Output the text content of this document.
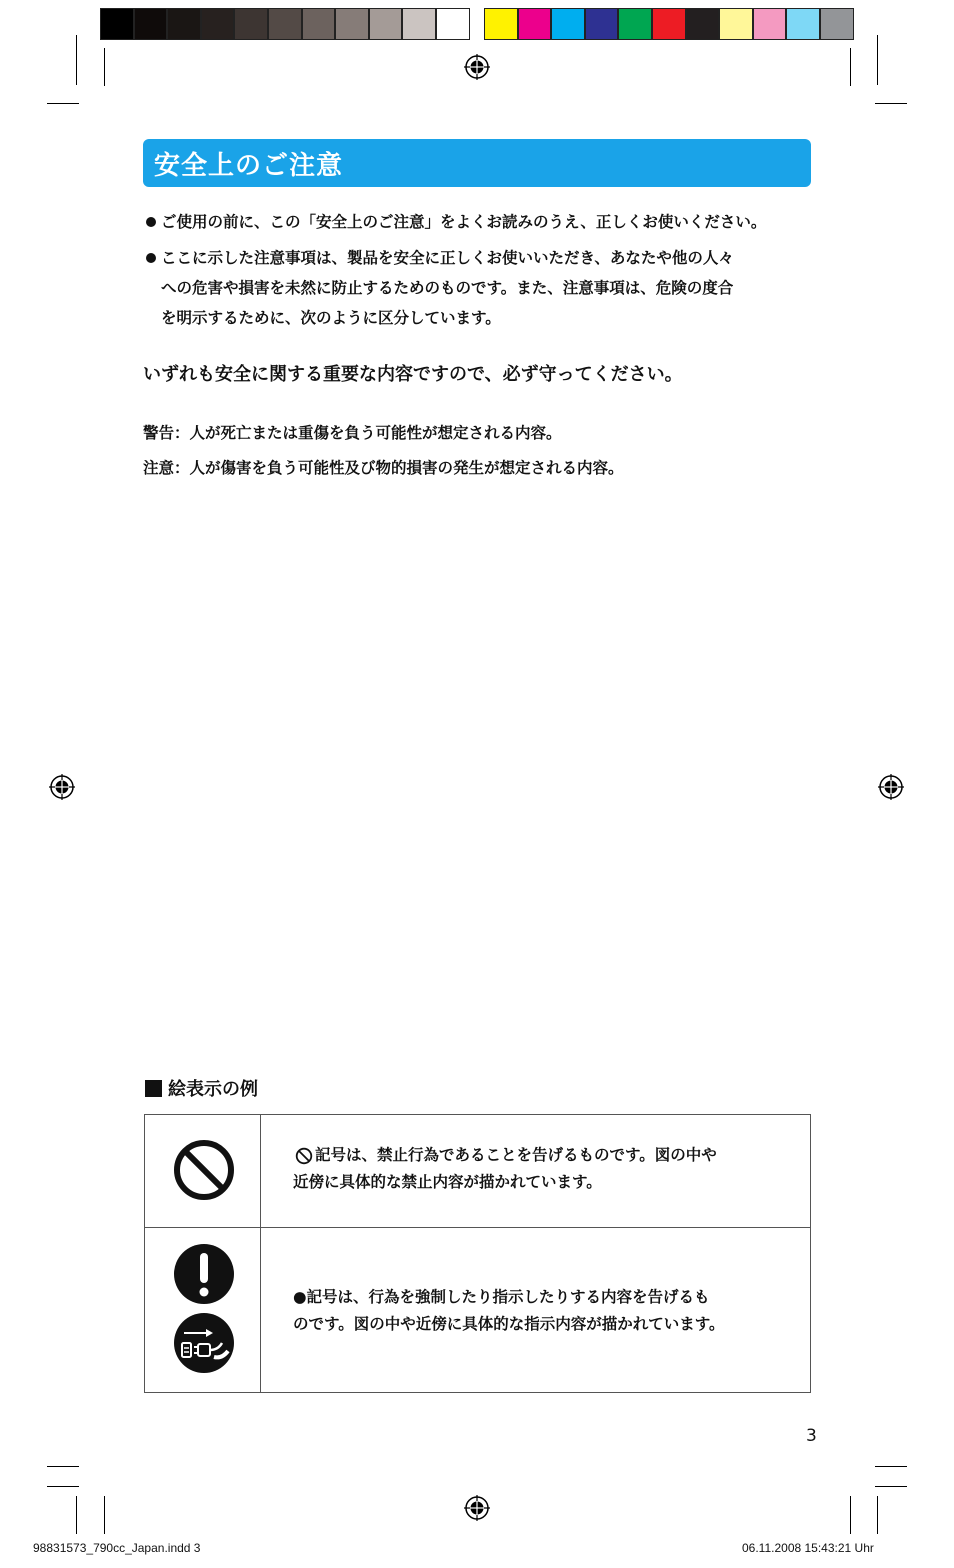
安全上のご注意
ご使用の前に、この「安全上のご注意」をよくお読みのうえ、正しくお使いください。
ここに示した注意事項は、製品を安全に正しくお使いいただき、あなたや他の人々
への危害や損害を未然に防止するためのものです。また、注意事項は、危険の度合
を明示するために、次のように区分しています。
いずれも安全に関する重要な内容ですので、必ず守ってください。
警告：人が死亡または重傷を負う可能性が想定される内容。
注意：人が傷害を負う可能性及び物的損害の発生が想定される内容。
絵表示の例
記号は、禁止行為であることを告げるものです。図の中や
近傍に具体的な禁止内容が描かれています。
●記号は、行為を強制したり指示したりする内容を告げるも
のです。図の中や近傍に具体的な指示内容が描かれています。
3
98831573_790cc_Japan.indd 3	06.11.2008 15:43:21 Uhr
